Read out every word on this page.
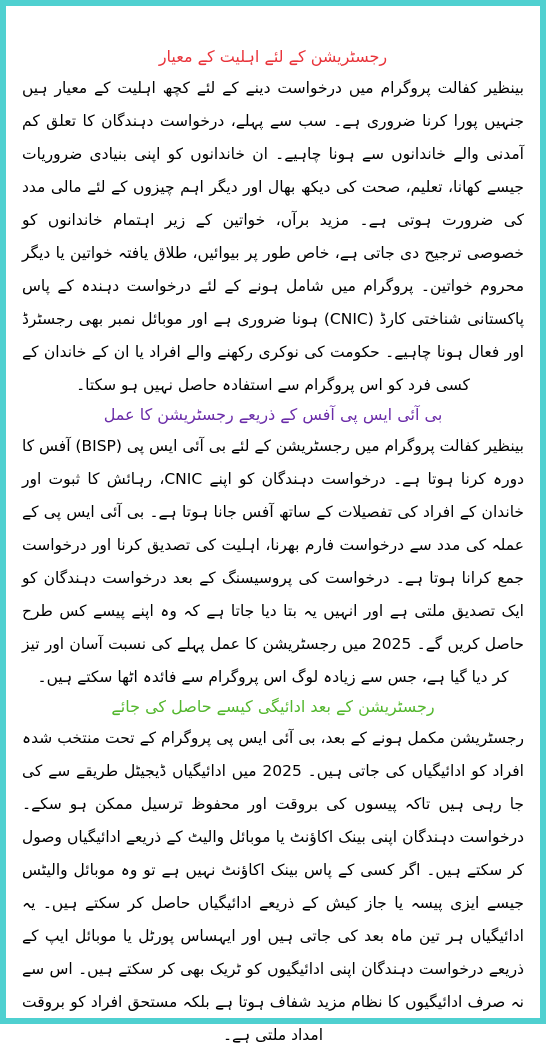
رجسٹریشن کے لئے اہلیت کے معیار

بینظیر کفالت پروگرام میں درخواست دینے کے لئے کچھ اہلیت کے معیار ہیں جنہیں پورا کرنا ضروری ہے۔ سب سے پہلے، درخواست دہندگان کا تعلق کم آمدنی والے خاندانوں سے ہونا چاہیے۔ ان خاندانوں کو اپنی بنیادی ضروریات جیسے کھانا، تعلیم، صحت کی دیکھ بھال اور دیگر اہم چیزوں کے لئے مالی مدد کی ضرورت ہوتی ہے۔ مزید برآں، خواتین کے زیر اہتمام خاندانوں کو خصوصی ترجیح دی جاتی ہے، خاص طور پر بیوائیں، طلاق یافتہ خواتین یا دیگر محروم خواتین۔ پروگرام میں شامل ہونے کے لئے درخواست دہندہ کے پاس پاکستانی شناختی کارڈ (CNIC) ہونا ضروری ہے اور موبائل نمبر بھی رجسٹرڈ اور فعال ہونا چاہیے۔ حکومت کی نوکری رکھنے والے افراد یا ان کے خاندان کے کسی فرد کو اس پروگرام سے استفادہ حاصل نہیں ہو سکتا۔

بی آئی ایس پی آفس کے ذریعے رجسٹریشن کا عمل

بینظیر کفالت پروگرام میں رجسٹریشن کے لئے بی آئی ایس پی (BISP) آفس کا دورہ کرنا ہوتا ہے۔ درخواست دہندگان کو اپنے CNIC، رہائش کا ثبوت اور خاندان کے افراد کی تفصیلات کے ساتھ آفس جانا ہوتا ہے۔ بی آئی ایس پی کے عملہ کی مدد سے درخواست فارم بھرنا، اہلیت کی تصدیق کرنا اور درخواست جمع کرانا ہوتا ہے۔ درخواست کی پروسیسنگ کے بعد درخواست دہندگان کو ایک تصدیق ملتی ہے اور انہیں یہ بتا دیا جاتا ہے کہ وہ اپنے پیسے کس طرح حاصل کریں گے۔ 2025 میں رجسٹریشن کا عمل پہلے کی نسبت آسان اور تیز کر دیا گیا ہے، جس سے زیادہ لوگ اس پروگرام سے فائدہ اٹھا سکتے ہیں۔

رجسٹریشن کے بعد ادائیگی کیسے حاصل کی جائے

رجسٹریشن مکمل ہونے کے بعد، بی آئی ایس پی پروگرام کے تحت منتخب شدہ افراد کو ادائیگیاں کی جاتی ہیں۔ 2025 میں ادائیگیاں ڈیجیٹل طریقے سے کی جا رہی ہیں تاکہ پیسوں کی بروقت اور محفوظ ترسیل ممکن ہو سکے۔ درخواست دہندگان اپنی بینک اکاؤنٹ یا موبائل والیٹ کے ذریعے ادائیگیاں وصول کر سکتے ہیں۔ اگر کسی کے پاس بینک اکاؤنٹ نہیں ہے تو وہ موبائل والیٹس جیسے ایزی پیسہ یا جاز کیش کے ذریعے ادائیگیاں حاصل کر سکتے ہیں۔ یہ ادائیگیاں ہر تین ماہ بعد کی جاتی ہیں اور ایہساس پورٹل یا موبائل ایپ کے ذریعے درخواست دہندگان اپنی ادائیگیوں کو ٹریک بھی کر سکتے ہیں۔ اس سے نہ صرف ادائیگیوں کا نظام مزید شفاف ہوتا ہے بلکہ مستحق افراد کو بروقت امداد ملتی ہے۔
